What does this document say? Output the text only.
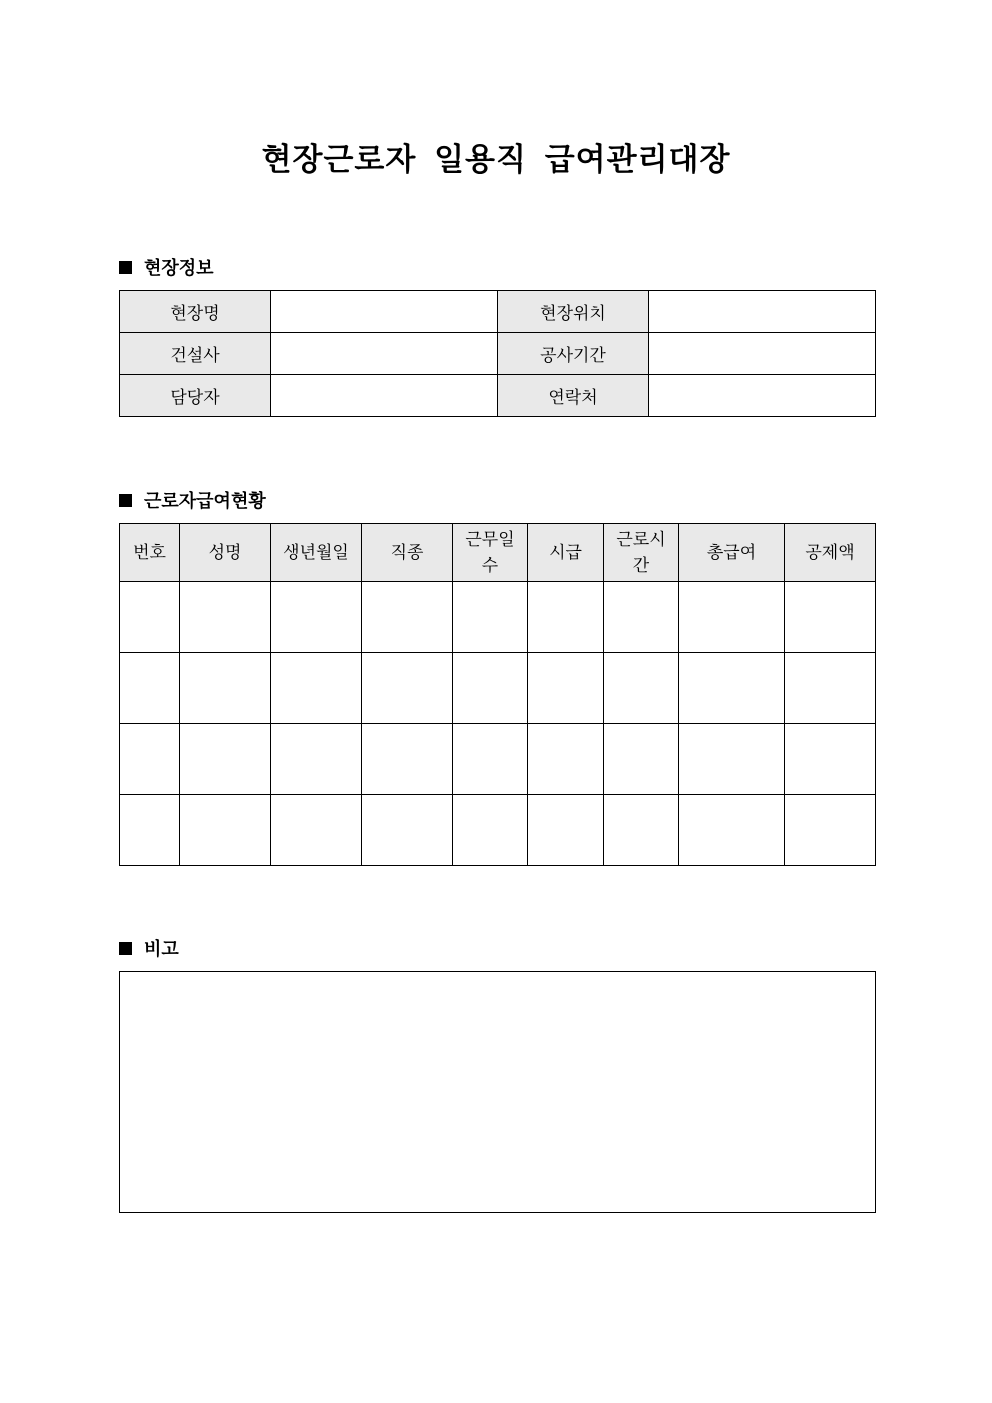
현장근로자 일용직 급여관리대장
현장정보
현장명		현장위치	
건설사		공사기간	
담당자		연락처	
근로자급여현황
번호	성명	생년월일	직종	근무일수	시급	근로시간	총급여	공제액

비고
